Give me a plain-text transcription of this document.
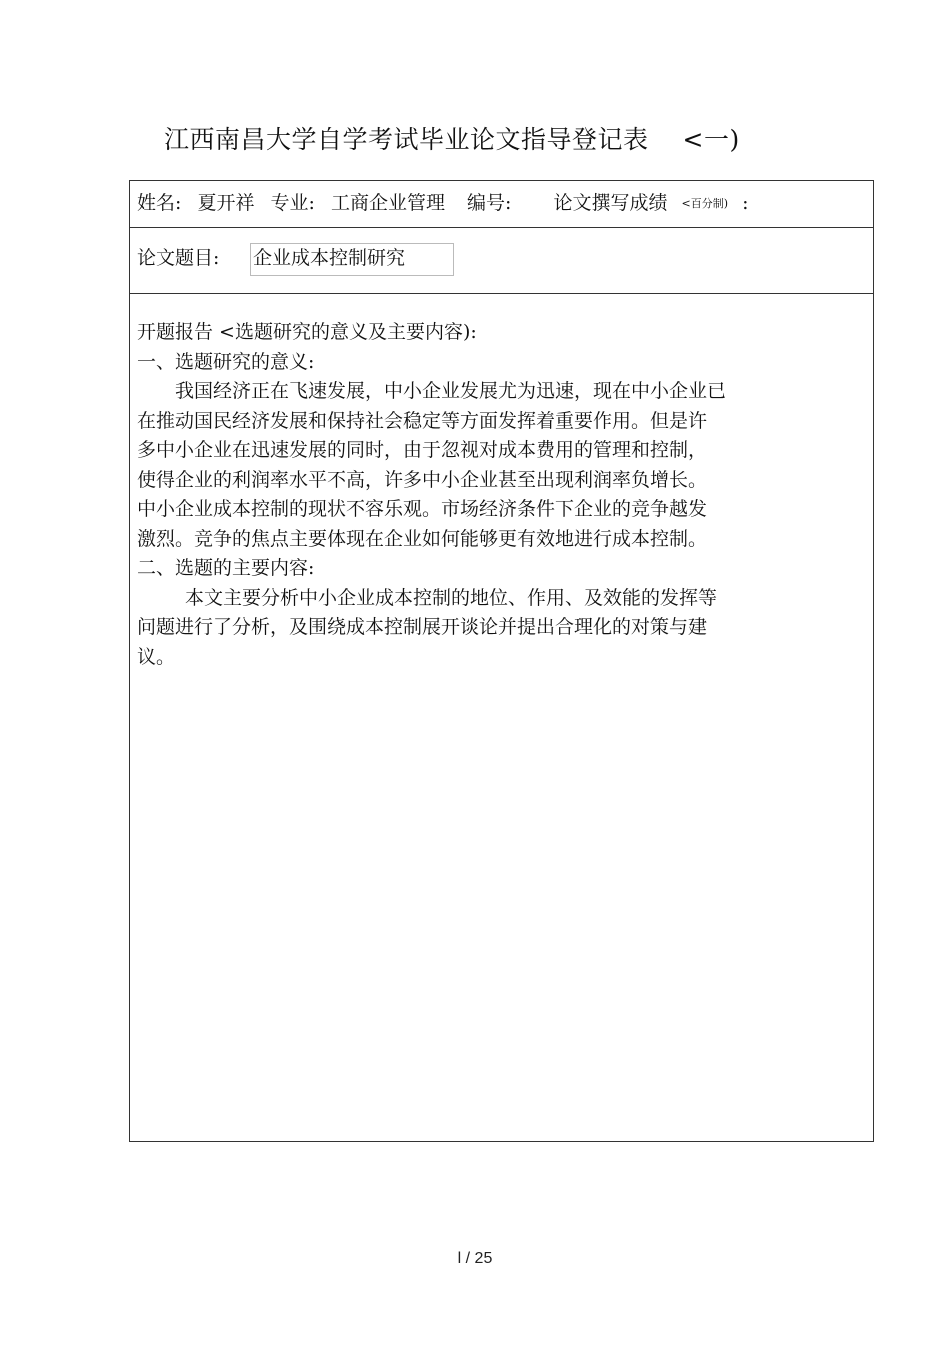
江西南昌大学自学考试毕业论文指导登记表 <一)
姓名: 夏开祥 专业: 工商企业管理 编号: 论文撰写成绩 <百分制) :
论文题目: 企业成本控制研究

开题报告 <选题研究的意义及主要内容):

一、选题研究的意义:

我国经济正在飞速发展，中小企业发展尤为迅速，现在中小企业已

在推动国民经济发展和保持社会稳定等方面发挥着重要作用。但是许

多中小企业在迅速发展的同时，由于忽视对成本费用的管理和控制，

使得企业的利润率水平不高，许多中小企业甚至出现利润率负增长。

中小企业成本控制的现状不容乐观。市场经济条件下企业的竞争越发

激烈。竞争的焦点主要体现在企业如何能够更有效地进行成本控制。

二、选题的主要内容:

本文主要分析中小企业成本控制的地位、作用、及效能的发挥等

问题进行了分析，及围绕成本控制展开谈论并提出合理化的对策与建

议。

l / 25
